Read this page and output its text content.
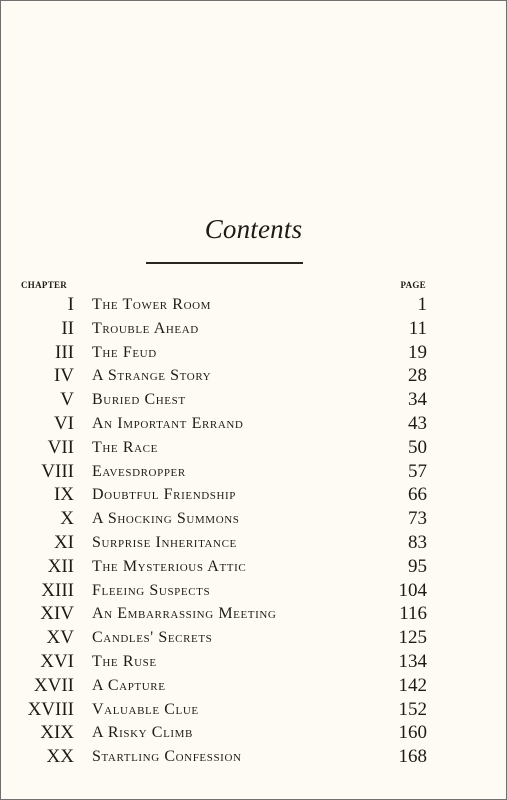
Contents
CHAPTER	PAGE
I The Tower Room	1
II Trouble Ahead	11
III The Feud	19
IV A Strange Story	28
V Buried Chest	34
VI An Important Errand	43
VII The Race	50
VIII Eavesdropper	57
IX Doubtful Friendship	66
X A Shocking Summons	73
XI Surprise Inheritance	83
XII The Mysterious Attic	95
XIII Fleeing Suspects	104
XIV An Embarrassing Meeting	116
XV Candles' Secrets	125
XVI The Ruse	134
XVII A Capture	142
XVIII Valuable Clue	152
XIX A Risky Climb	160
XX Startling Confession	168
